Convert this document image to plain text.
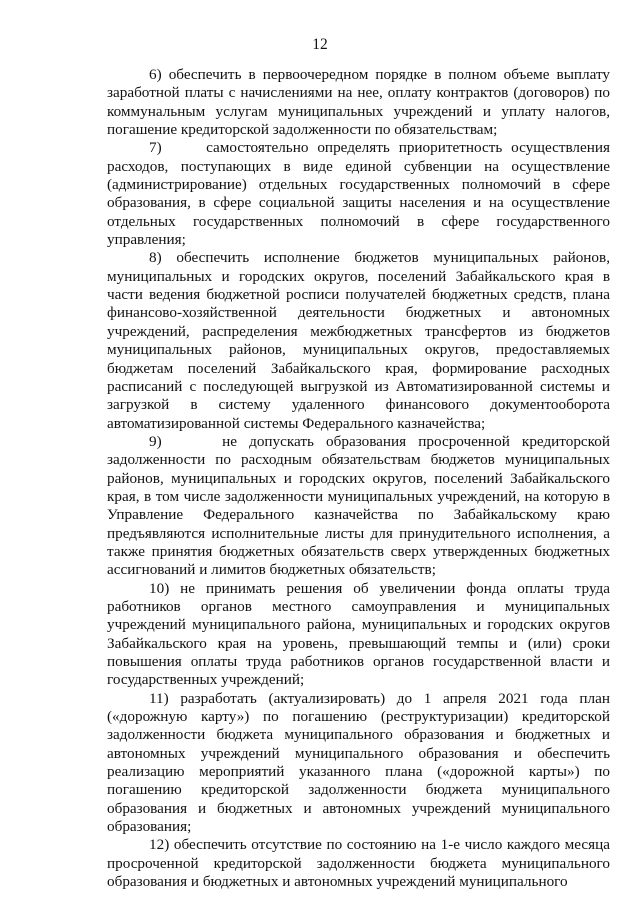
12

6) обеспечить в первоочередном порядке в полном объеме выплату заработной платы с начислениями на нее, оплату контрактов (договоров) по коммунальным услугам муниципальных учреждений и уплату налогов, погашение кредиторской задолженности по обязательствам;

7)     самостоятельно определять приоритетность осуществления расходов, поступающих в виде единой субвенции на осуществление (администрирование) отдельных государственных полномочий в сфере образования, в сфере социальной защиты населения и на осуществление отдельных государственных полномочий в сфере государственного управления;

8) обеспечить исполнение бюджетов муниципальных районов, муниципальных и городских округов, поселений Забайкальского края в части ведения бюджетной росписи получателей бюджетных средств, плана финансово-хозяйственной деятельности бюджетных и автономных учреждений, распределения межбюджетных трансфертов из бюджетов муниципальных районов, муниципальных округов, предоставляемых бюджетам поселений Забайкальского края, формирование расходных расписаний с последующей выгрузкой из Автоматизированной системы и загрузкой в систему удаленного финансового документооборота автоматизированной системы Федерального казначейства;

9)     не допускать образования просроченной кредиторской задолженности по расходным обязательствам бюджетов муниципальных районов, муниципальных и городских округов, поселений Забайкальского края, в том числе задолженности муниципальных учреждений, на которую в Управление Федерального казначейства по Забайкальскому краю предъявляются исполнительные листы для принудительного исполнения, а также принятия бюджетных обязательств сверх утвержденных бюджетных ассигнований и лимитов бюджетных обязательств;

10) не принимать решения об увеличении фонда оплаты труда работников органов местного самоуправления и муниципальных учреждений муниципального района, муниципальных и городских округов Забайкальского края на уровень, превышающий темпы и (или) сроки повышения оплаты труда работников органов государственной власти и государственных учреждений;

11) разработать (актуализировать) до 1 апреля 2021 года план («дорожную карту») по погашению (реструктуризации) кредиторской задолженности бюджета муниципального образования и бюджетных и автономных учреждений муниципального образования и обеспечить реализацию мероприятий указанного плана («дорожной карты») по погашению кредиторской задолженности бюджета муниципального образования и бюджетных и автономных учреждений муниципального образования;

12) обеспечить отсутствие по состоянию на 1-е число каждого месяца просроченной кредиторской задолженности бюджета муниципального образования и бюджетных и автономных учреждений муниципального
